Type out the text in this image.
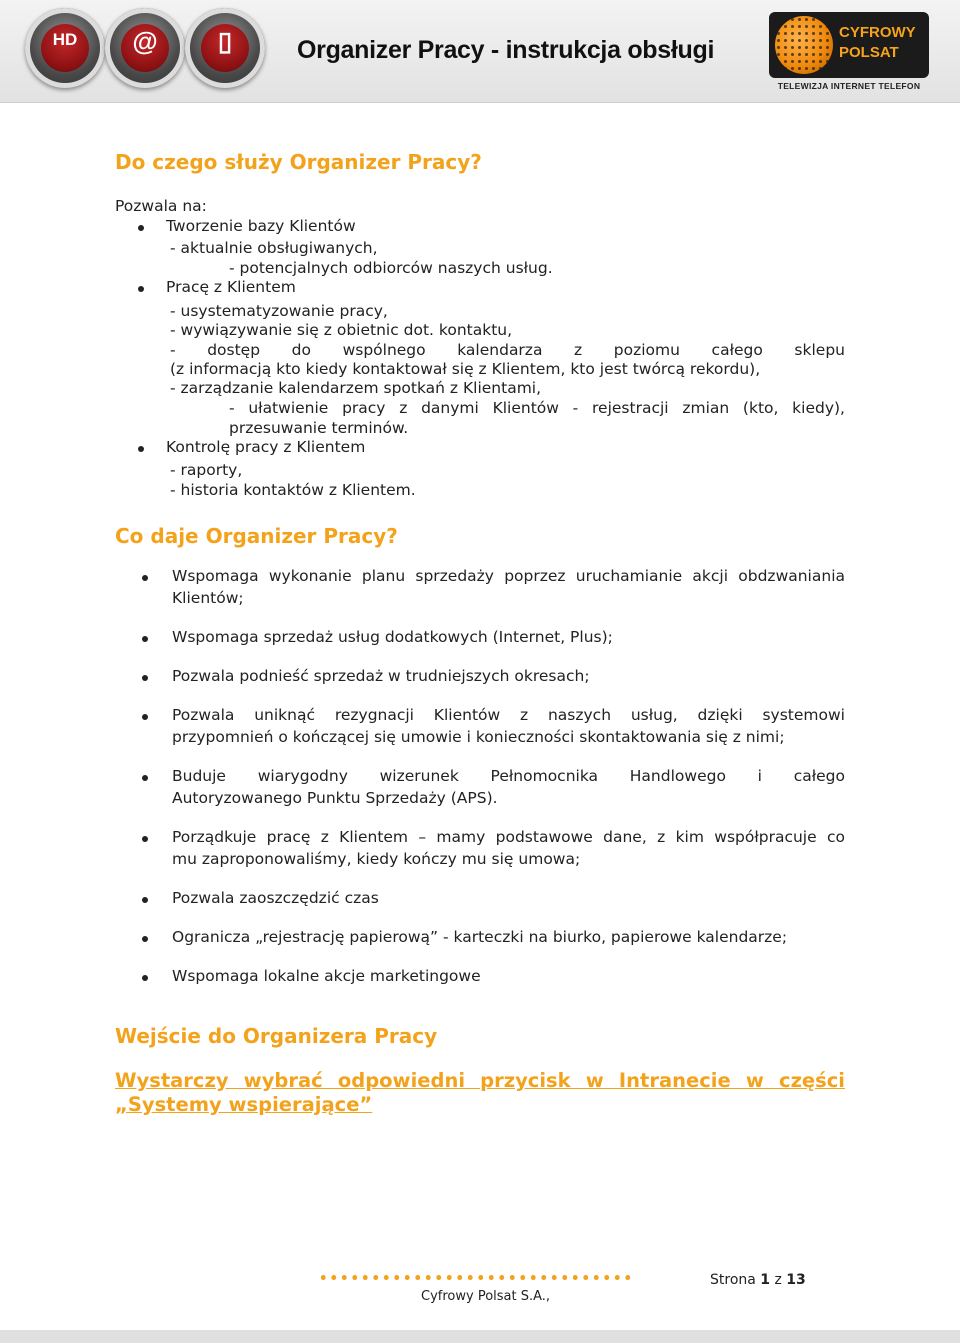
HD	@	▯	Organizer Pracy - instrukcja obsługi
CYFROWY
POLSAT
TELEWIZJA INTERNET TELEFON
Do czego służy Organizer Pracy?
Pozwala na:
Tworzenie bazy Klientów
- aktualnie obsługiwanych,
- potencjalnych odbiorców naszych usług.
Pracę z Klientem
- usystematyzowanie pracy,
- wywiązywanie się z obietnic dot. kontaktu,
- dostęp do wspólnego kalendarza z poziomu całego sklepu
(z informacją kto kiedy kontaktował się z Klientem, kto jest twórcą rekordu),
- zarządzanie kalendarzem spotkań z Klientami,
- ułatwienie pracy z danymi Klientów - rejestracji zmian (kto, kiedy),
przesuwanie terminów.
Kontrolę pracy z Klientem
- raporty,
- historia kontaktów z Klientem.
Co daje Organizer Pracy?
Wspomaga wykonanie planu sprzedaży poprzez uruchamianie akcji obdzwaniania
Klientów;
Wspomaga sprzedaż usług dodatkowych (Internet, Plus);
Pozwala podnieść sprzedaż w trudniejszych okresach;
Pozwala uniknąć rezygnacji Klientów z naszych usług, dzięki systemowi
przypomnień o kończącej się umowie i konieczności skontaktowania się z nimi;
Buduje wiarygodny wizerunek Pełnomocnika Handlowego i całego
Autoryzowanego Punktu Sprzedaży (APS).
Porządkuje pracę z Klientem – mamy podstawowe dane, z kim współpracuje co
mu zaproponowaliśmy, kiedy kończy mu się umowa;
Pozwala zaoszczędzić czas
Ogranicza „rejestrację papierową” - karteczki na biurko, papierowe kalendarze;
Wspomaga lokalne akcje marketingowe
Wejście do Organizera Pracy
Wystarczy wybrać odpowiedni przycisk w Intranecie w części
„Systemy wspierające”
Strona 1 z 13
Cyfrowy Polsat S.A.,
